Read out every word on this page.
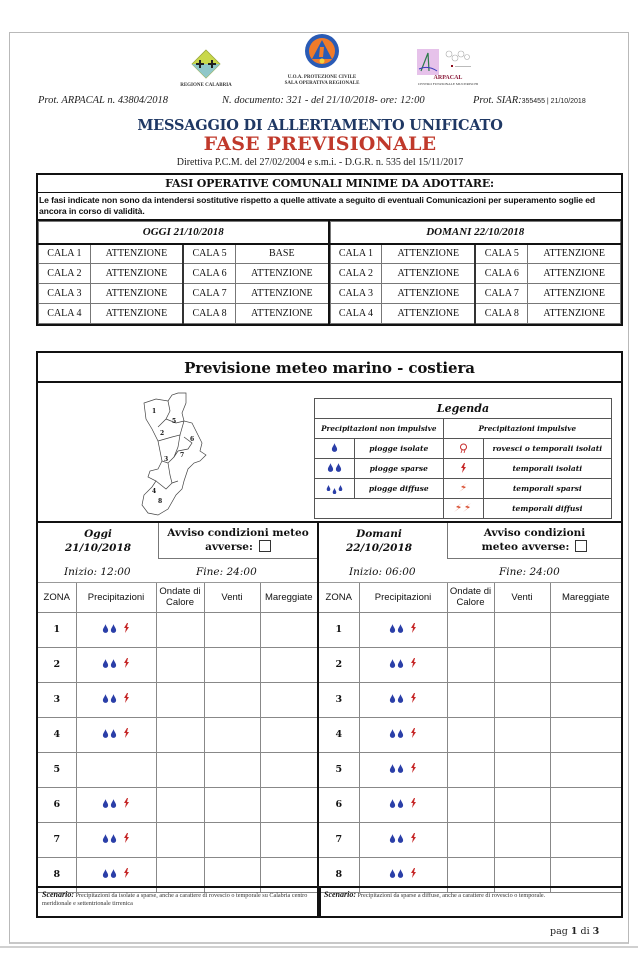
REGIONE CALABRIA
U.O.A. PROTEZIONE CIVILE
SALA OPERATIVA REGIONALE
ARPACAL
CENTRO FUNZIONALE MULTIRISCHI
Prot. ARPACAL n. 43804/2018	N. documento: 321 - del 21/10/2018- ore: 12:00	Prot. SIAR:355455 | 21/10/2018
MESSAGGIO DI ALLERTAMENTO UNIFICATO
FASE PREVISIONALE
Direttiva P.C.M. del 27/02/2004 e s.m.i. - D.G.R. n. 535 del 15/11/2017
FASI OPERATIVE COMUNALI MINIME DA ADOTTARE:
Le fasi indicate non sono da intendersi sostitutive rispetto a quelle attivate a seguito di eventuali Comunicazioni per superamento soglie ed ancora in corso di validità.
OGGI 21/10/2018			
CALA 1	ATTENZIONE	CALA 5	BASE
CALA 2	ATTENZIONE	CALA 6	ATTENZIONE
CALA 3	ATTENZIONE	CALA 7	ATTENZIONE
CALA 4	ATTENZIONE	CALA 8	ATTENZIONE
DOMANI 22/10/2018			
CALA 1	ATTENZIONE	CALA 5	ATTENZIONE
CALA 2	ATTENZIONE	CALA 6	ATTENZIONE
CALA 3	ATTENZIONE	CALA 7	ATTENZIONE
CALA 4	ATTENZIONE	CALA 8	ATTENZIONE
Previsione meteo marino - costiera
1
2
3
4
5
6
7
8
Legenda			
Precipitazioni non impulsive		Precipitazioni impulsive	
	piogge isolate		rovesci o temporali isolati

	piogge sparse		temporali isolati

	piogge diffuse		temporali sparsi
		temporali diffusi
Oggi
21/10/2018
Avviso condizioni meteo
avverse:
Inizio: 12:00	Fine: 24:00
ZONA	Precipitazioni	Ondate di Calore	Venti	Mareggiate
1	

2	

3	

4	

5				
6	

7	

8	

Domani
22/10/2018
Avviso condizioni
meteo avverse:
Inizio: 06:00	Fine: 24:00
ZONA	Precipitazioni	Ondate di Calore	Venti	Mareggiate
1	

2	

3	

4	

5	

6	

7	

8	

Scenario: Precipitazioni da isolate a sparse, anche a carattere di rovescio o temporale su Calabria centro meridionale e settentrionale tirrenica
Scenario: Precipitazioni da sparse a diffuse, anche a carattere di rovescio o temporale.
pag 1 di 3
